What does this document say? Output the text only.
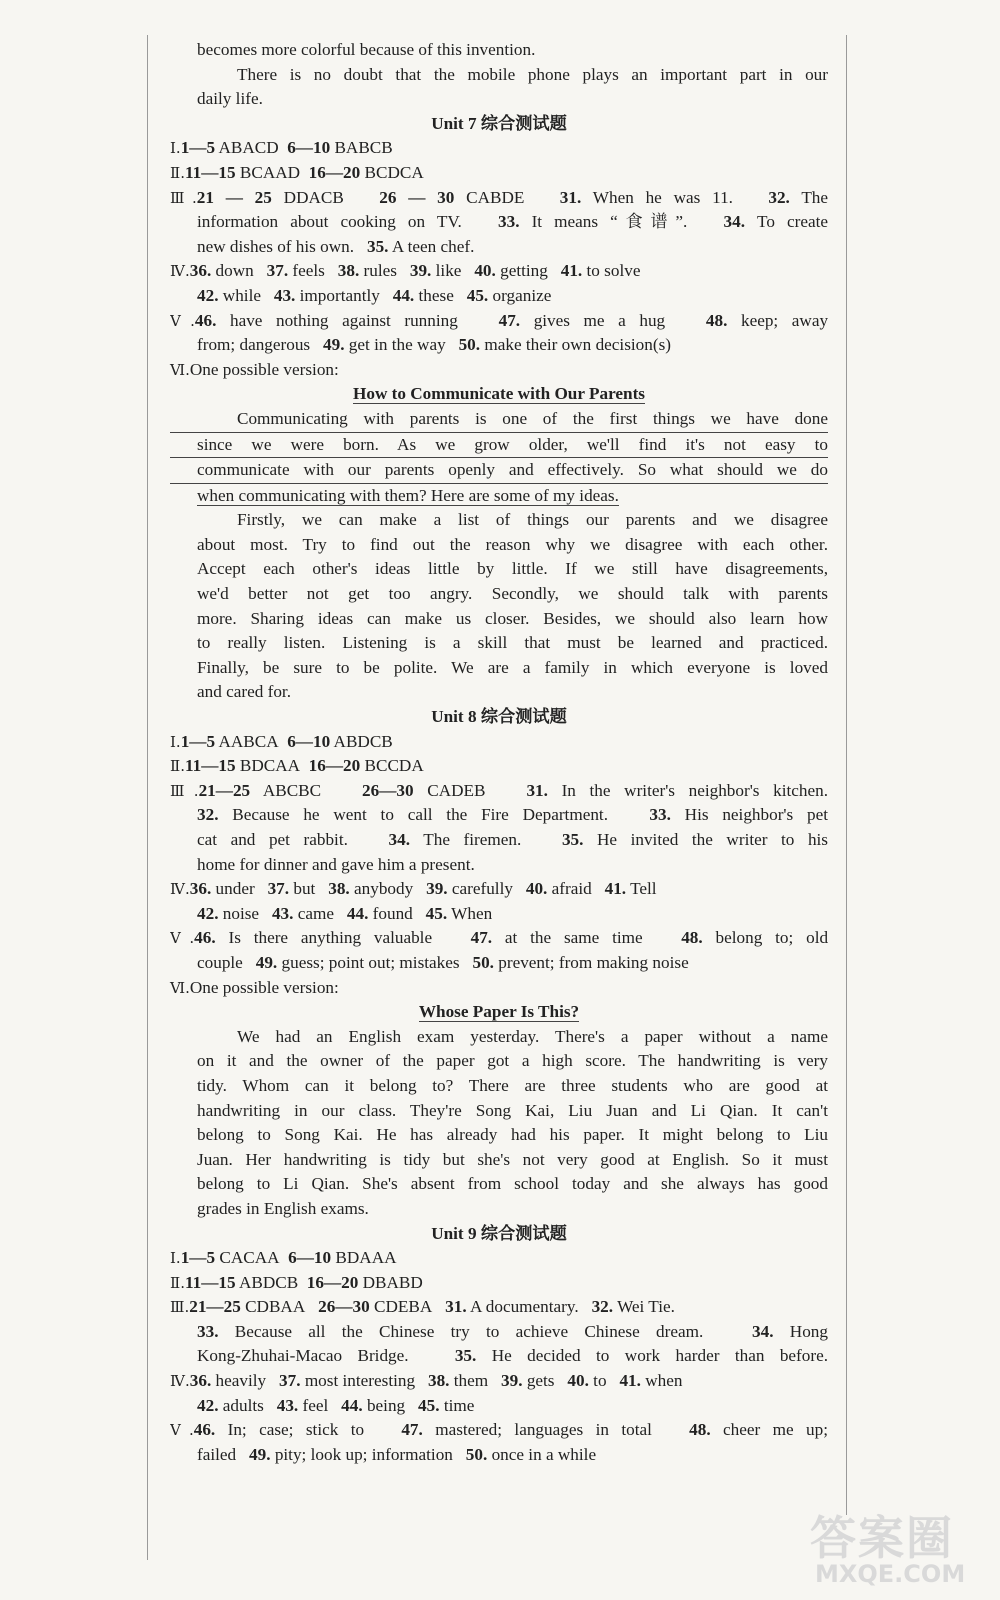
becomes more colorful because of this invention.
There is no doubt that the mobile phone plays an important part in our
daily life.
Unit 7 综合测试题
Ⅰ.1—5 ABACD 6—10 BABCB
Ⅱ.11—15 BCAAD 16—20 BCDCA
Ⅲ.21 — 25 DDACB 26 — 30 CABDE 31. When he was 11. 32. The
information about cooking on TV. 33. It means “食谱”. 34. To create
new dishes of his own. 35. A teen chef.
Ⅳ.36. down 37. feels 38. rules 39. like 40. getting 41. to solve
42. while 43. importantly 44. these 45. organize
Ⅴ.46. have nothing against running 47. gives me a hug 48. keep; away
from; dangerous 49. get in the way 50. make their own decision(s)
Ⅵ.One possible version:
How to Communicate with Our Parents
Communicating with parents is one of the first things we have done
since we were born. As we grow older, we'll find it's not easy to
communicate with our parents openly and effectively. So what should we do
when communicating with them? Here are some of my ideas.
Firstly, we can make a list of things our parents and we disagree
about most. Try to find out the reason why we disagree with each other.
Accept each other's ideas little by little. If we still have disagreements,
we'd better not get too angry. Secondly, we should talk with parents
more. Sharing ideas can make us closer. Besides, we should also learn how
to really listen. Listening is a skill that must be learned and practiced.
Finally, be sure to be polite. We are a family in which everyone is loved
and cared for.
Unit 8 综合测试题
Ⅰ.1—5 AABCA 6—10 ABDCB
Ⅱ.11—15 BDCAA 16—20 BCCDA
Ⅲ.21—25 ABCBC 26—30 CADEB 31. In the writer's neighbor's kitchen.
32. Because he went to call the Fire Department. 33. His neighbor's pet
cat and pet rabbit. 34. The firemen. 35. He invited the writer to his
home for dinner and gave him a present.
Ⅳ.36. under 37. but 38. anybody 39. carefully 40. afraid 41. Tell
42. noise 43. came 44. found 45. When
Ⅴ.46. Is there anything valuable 47. at the same time 48. belong to; old
couple 49. guess; point out; mistakes 50. prevent; from making noise
Ⅵ.One possible version:
Whose Paper Is This?
We had an English exam yesterday. There's a paper without a name
on it and the owner of the paper got a high score. The handwriting is very
tidy. Whom can it belong to? There are three students who are good at
handwriting in our class. They're Song Kai, Liu Juan and Li Qian. It can't
belong to Song Kai. He has already had his paper. It might belong to Liu
Juan. Her handwriting is tidy but she's not very good at English. So it must
belong to Li Qian. She's absent from school today and she always has good
grades in English exams.
Unit 9 综合测试题
Ⅰ.1—5 CACAA 6—10 BDAAA
Ⅱ.11—15 ABDCB 16—20 DBABD
Ⅲ.21—25 CDBAA 26—30 CDEBA 31. A documentary. 32. Wei Tie.
33. Because all the Chinese try to achieve Chinese dream.	34. Hong
Kong-Zhuhai-Macao Bridge.	35. He decided to work harder than before.
Ⅳ.36. heavily 37. most interesting 38. them 39. gets 40. to 41. when
42. adults 43. feel 44. being 45. time
Ⅴ.46. In; case; stick to 47. mastered; languages in total 48. cheer me up;
failed 49. pity; look up; information 50. once in a while
答案圈
MXQE.COM
